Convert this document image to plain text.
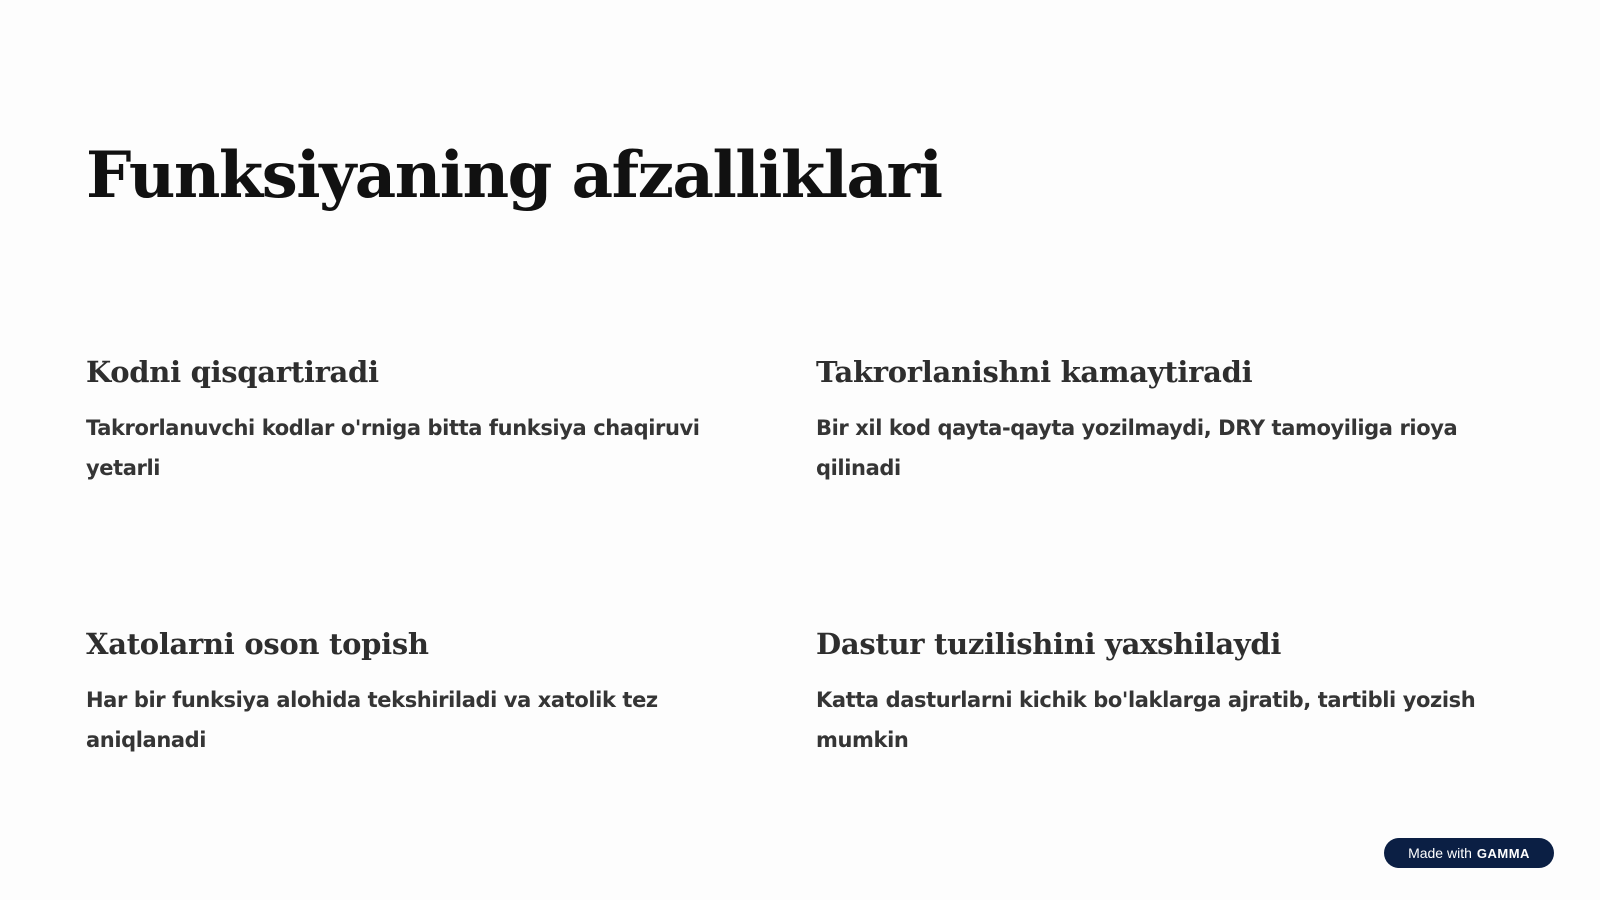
Funksiyaning afzalliklari
Kodni qisqartiradi

Takrorlanuvchi kodlar o'rniga bitta funksiya chaqiruvi yetarli

Takrorlanishni kamaytiradi

Bir xil kod qayta-qayta yozilmaydi, DRY tamoyiliga rioya qilinadi

Xatolarni oson topish

Har bir funksiya alohida tekshiriladi va xatolik tez aniqlanadi

Dastur tuzilishini yaxshilaydi

Katta dasturlarni kichik bo'laklarga ajratib, tartibli yozish mumkin

Made with GAMMA
